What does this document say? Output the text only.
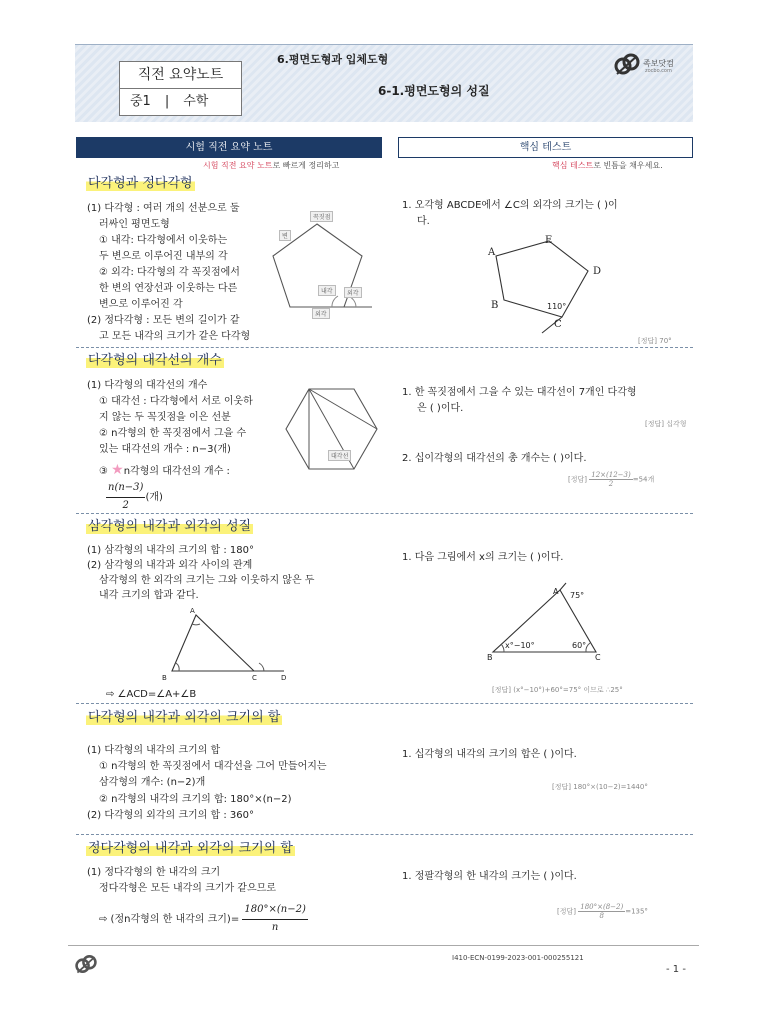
직전 요약노트
중1 | 수학
6.평면도형과 입체도형
6-1.평면도형의 성질
족보닷컴
zocbo.com
시험 직전 요약 노트	핵심 테스트
시험 직전 요약 노트로 빠르게 정리하고	핵심 테스트로 빈틈을 채우세요.
다각형과 정다각형
(1) 다각형 : 여러 개의 선분으로 둘
러싸인 평면도형
① 내각: 다각형에서 이웃하는
두 변으로 이루어진 내부의 각
② 외각: 다각형의 각 꼭짓점에서
한 변의 연장선과 이웃하는 다른
변으로 이루어진 각
(2) 정다각형 : 모든 변의 길이가 같
고 모든 내각의 크기가 같은 다각형
꼭짓점
변
내각	외각
외각
1. 오각형 ABCDE에서 ∠C의 외각의 크기는 ( )이
다.
A
E
D
B
C
110°
[정답] 70°
다각형의 대각선의 개수
(1) 다각형의 대각선의 개수
① 대각선 : 다각형에서 서로 이웃하
지 않는 두 꼭짓점을 이은 선분
② n각형의 한 꼭짓점에서 그을 수
있는 대각선의 개수 : n−3(개)
③ ★n각형의 대각선의 개수 :
$\frac{n(n-3)}{2}$ (개)
대각선
1. 한 꼭짓점에서 그을 수 있는 대각선이 7개인 다각형
은 ( )이다.
[정답] 십각형
2. 십이각형의 대각선의 총 개수는 ( )이다.
[정답] $\frac{12\times(12-3)}{2} =54$개
삼각형의 내각과 외각의 성질
(1) 삼각형의 내각의 크기의 합 : 180°
(2) 삼각형의 내각과 외각 사이의 관계
삼각형의 한 외각의 크기는 그와 이웃하지 않은 두
내각 크기의 합과 같다.
A
B	C	D
⇨ ∠ACD=∠A+∠B
1. 다음 그림에서 x의 크기는 ( )이다.
A 75°
x°−10°	60°
B	C
[정답] (x°−10°)+60°=75° 이므로 ∴25°
다각형의 내각과 외각의 크기의 합
(1) 다각형의 내각의 크기의 합
① n각형의 한 꼭짓점에서 대각선을 그어 만들어지는
삼각형의 개수: (n−2)개
② n각형의 내각의 크기의 합: 180°×(n−2)
(2) 다각형의 외각의 크기의 합 : 360°
1. 십각형의 내각의 크기의 합은 ( )이다.
[정답] 180°×(10−2)=1440°
정다각형의 내각과 외각의 크기의 합
(1) 정다각형의 한 내각의 크기
정다각형은 모든 내각의 크기가 같으므로
⇨ (정n각형의 한 내각의 크기)= $\frac{180^\circ\times(n-2)}{n}$
1. 정팔각형의 한 내각의 크기는 ( )이다.
[정답] $\frac{180^\circ\times(8-2)}{8} =135^\circ$
I410-ECN-0199-2023-001-000255121
- 1 -
